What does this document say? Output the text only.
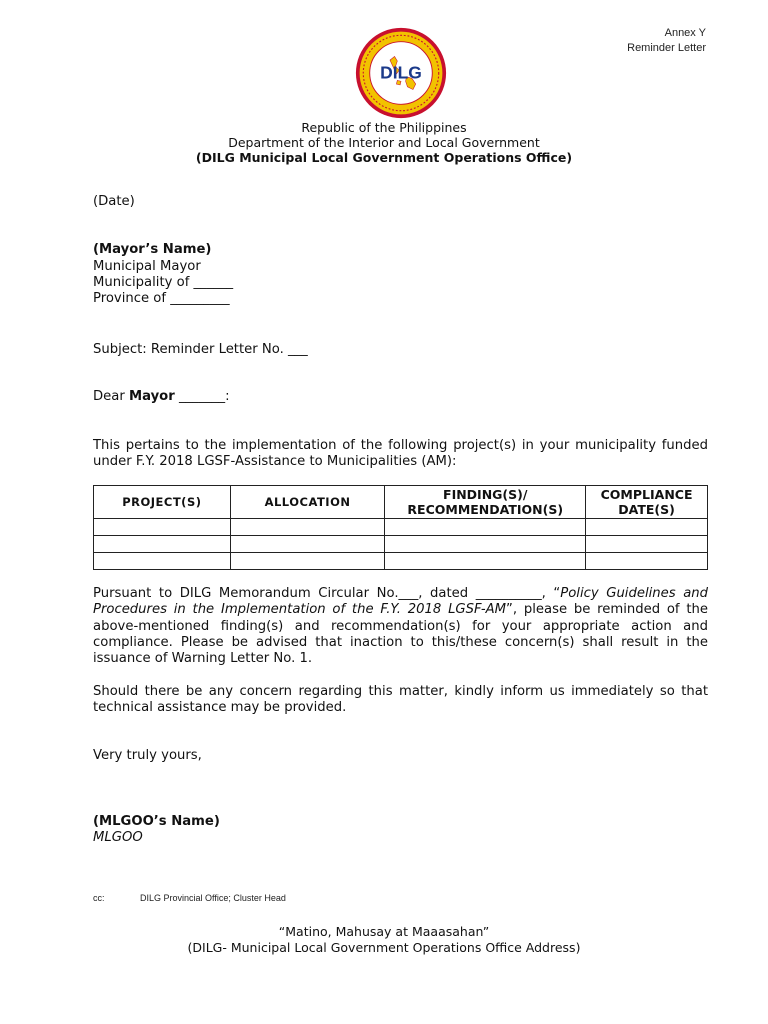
Annex Y
Reminder Letter
DILG
Republic of the Philippines
Department of the Interior and Local Government
(DILG Municipal Local Government Operations Office)
(Date)
(Mayor’s Name)
Municipal Mayor
Municipality of ______
Province of _________
Subject: Reminder Letter No. ___
Dear Mayor _______:
This pertains to the implementation of the following project(s) in your municipality funded under F.Y. 2018 LGSF-Assistance to Municipalities (AM):
PROJECT(S)	ALLOCATION	FINDING(S)/ RECOMMENDATION(S)	COMPLIANCE DATE(S)

Pursuant to DILG Memorandum Circular No.___, dated __________, “Policy Guidelines and Procedures in the Implementation of the F.Y. 2018 LGSF-AM”, please be reminded of the above-mentioned finding(s) and recommendation(s) for your appropriate action and compliance. Please be advised that inaction to this/these concern(s) shall result in the issuance of Warning Letter No. 1.
Should there be any concern regarding this matter, kindly inform us immediately so that technical assistance may be provided.
Very truly yours,
(MLGOO’s Name)
MLGOO
cc:	DILG Provincial Office; Cluster Head
“Matino, Mahusay at Maaasahan”
(DILG- Municipal Local Government Operations Office Address)
